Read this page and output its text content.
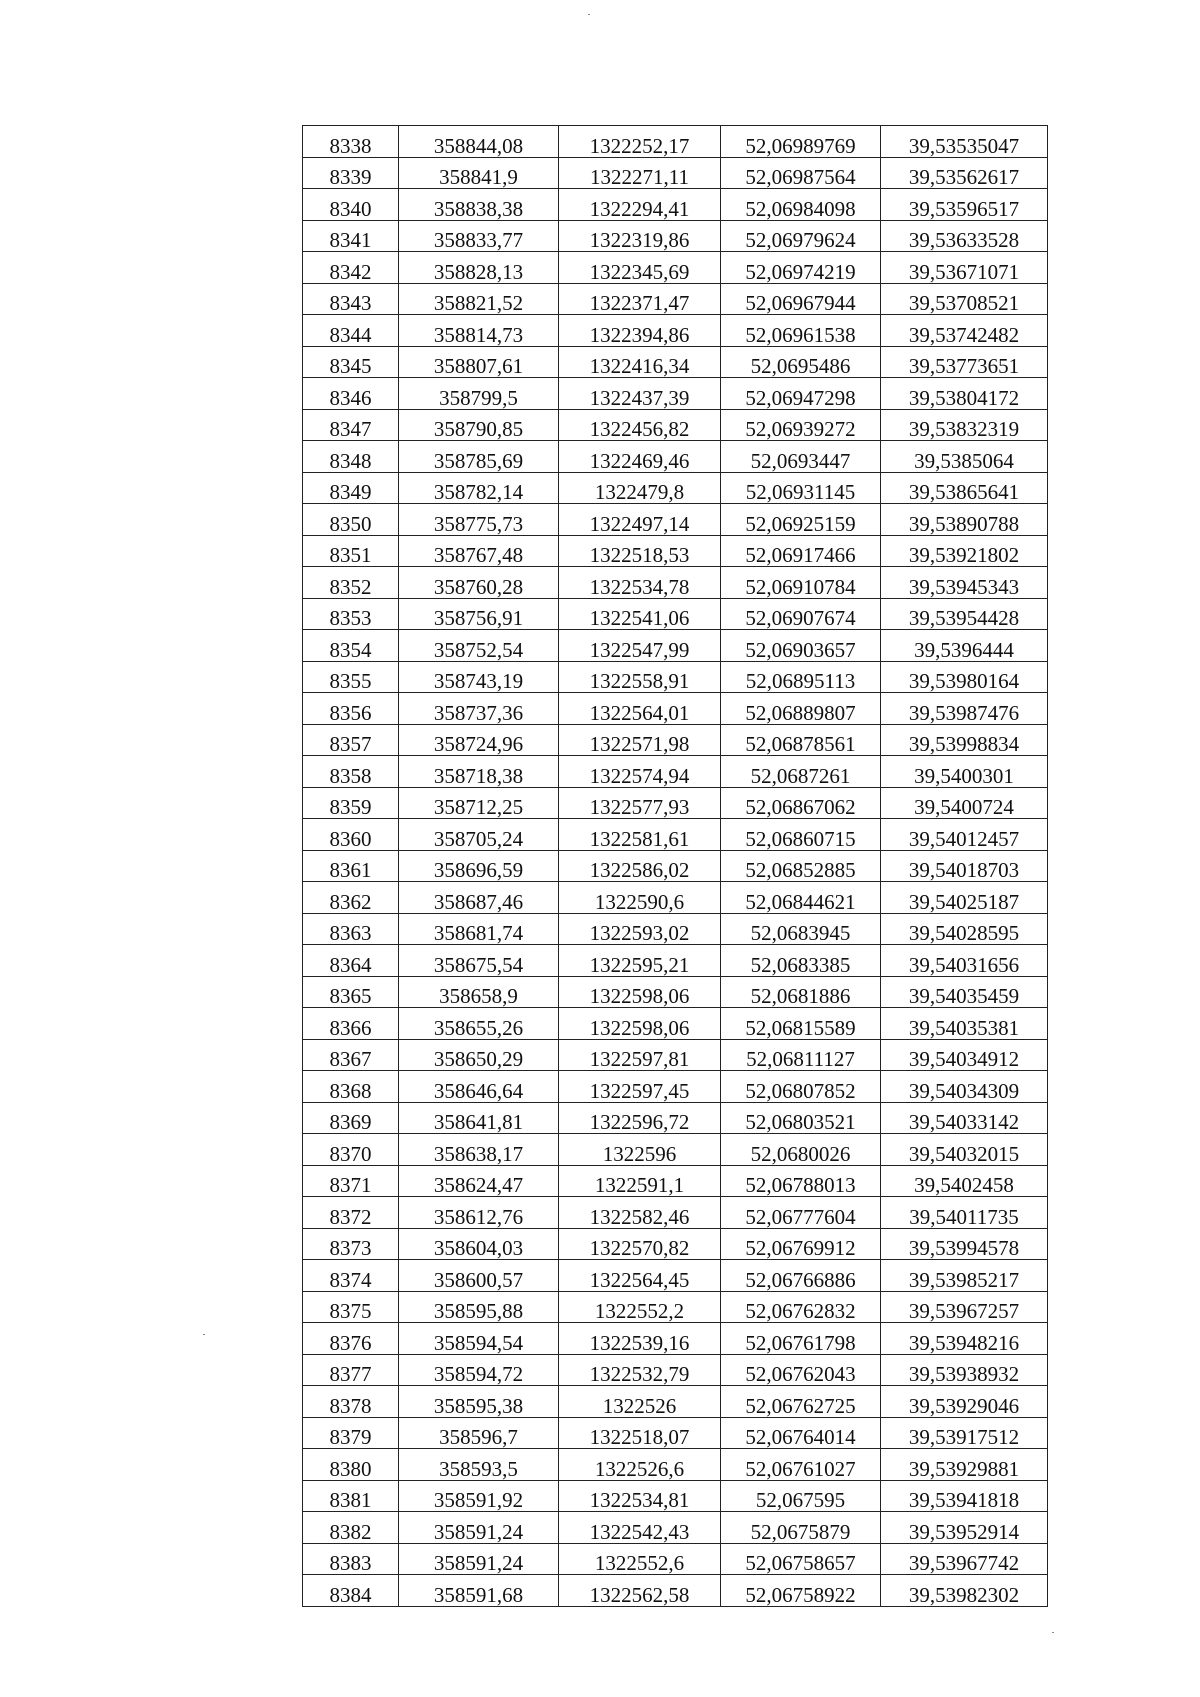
8338	358844,08	1322252,17	52,06989769	39,53535047
8339	358841,9	1322271,11	52,06987564	39,53562617
8340	358838,38	1322294,41	52,06984098	39,53596517
8341	358833,77	1322319,86	52,06979624	39,53633528
8342	358828,13	1322345,69	52,06974219	39,53671071
8343	358821,52	1322371,47	52,06967944	39,53708521
8344	358814,73	1322394,86	52,06961538	39,53742482
8345	358807,61	1322416,34	52,0695486	39,53773651
8346	358799,5	1322437,39	52,06947298	39,53804172
8347	358790,85	1322456,82	52,06939272	39,53832319
8348	358785,69	1322469,46	52,0693447	39,5385064
8349	358782,14	1322479,8	52,06931145	39,53865641
8350	358775,73	1322497,14	52,06925159	39,53890788
8351	358767,48	1322518,53	52,06917466	39,53921802
8352	358760,28	1322534,78	52,06910784	39,53945343
8353	358756,91	1322541,06	52,06907674	39,53954428
8354	358752,54	1322547,99	52,06903657	39,5396444
8355	358743,19	1322558,91	52,06895113	39,53980164
8356	358737,36	1322564,01	52,06889807	39,53987476
8357	358724,96	1322571,98	52,06878561	39,53998834
8358	358718,38	1322574,94	52,0687261	39,5400301
8359	358712,25	1322577,93	52,06867062	39,5400724
8360	358705,24	1322581,61	52,06860715	39,54012457
8361	358696,59	1322586,02	52,06852885	39,54018703
8362	358687,46	1322590,6	52,06844621	39,54025187
8363	358681,74	1322593,02	52,0683945	39,54028595
8364	358675,54	1322595,21	52,0683385	39,54031656
8365	358658,9	1322598,06	52,0681886	39,54035459
8366	358655,26	1322598,06	52,06815589	39,54035381
8367	358650,29	1322597,81	52,06811127	39,54034912
8368	358646,64	1322597,45	52,06807852	39,54034309
8369	358641,81	1322596,72	52,06803521	39,54033142
8370	358638,17	1322596	52,0680026	39,54032015
8371	358624,47	1322591,1	52,06788013	39,5402458
8372	358612,76	1322582,46	52,06777604	39,54011735
8373	358604,03	1322570,82	52,06769912	39,53994578
8374	358600,57	1322564,45	52,06766886	39,53985217
8375	358595,88	1322552,2	52,06762832	39,53967257
8376	358594,54	1322539,16	52,06761798	39,53948216
8377	358594,72	1322532,79	52,06762043	39,53938932
8378	358595,38	1322526	52,06762725	39,53929046
8379	358596,7	1322518,07	52,06764014	39,53917512
8380	358593,5	1322526,6	52,06761027	39,53929881
8381	358591,92	1322534,81	52,067595	39,53941818
8382	358591,24	1322542,43	52,0675879	39,53952914
8383	358591,24	1322552,6	52,06758657	39,53967742
8384	358591,68	1322562,58	52,06758922	39,53982302
